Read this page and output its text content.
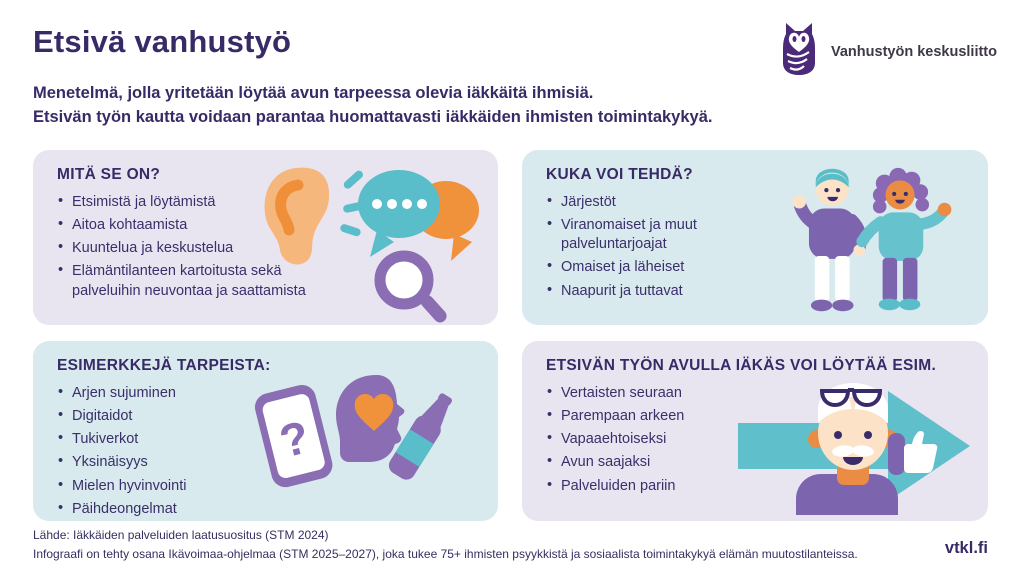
Etsivä vanhustyö
Menetelmä, jolla yritetään löytää avun tarpeessa olevia iäkkäitä ihmisiä.
Etsivän työn kautta voidaan parantaa huomattavasti iäkkäiden ihmisten toimintakykyä.
Vanhustyön keskusliitto
MITÄ SE ON?
• Etsimistä ja löytämistä
• Aitoa kohtaamista
• Kuuntelua ja keskustelua
• Elämäntilanteen kartoitusta sekä palveluihin neuvontaa ja saattamista
KUKA VOI TEHDÄ?
• Järjestöt
• Viranomaiset ja muut palveluntarjoajat
• Omaiset ja läheiset
• Naapurit ja tuttavat
ESIMERKKEJÄ TARPEISTA:
• Arjen sujuminen
• Digitaidot
• Tukiverkot
• Yksinäisyys
• Mielen hyvinvointi
• Päihdeongelmat
?
ETSIVÄN TYÖN AVULLA IÄKÄS VOI LÖYTÄÄ ESIM.
• Vertaisten seuraan
• Parempaan arkeen
• Vapaaehtoiseksi
• Avun saajaksi
• Palveluiden pariin
Lähde: Iäkkäiden palveluiden laatusuositus (STM 2024)
Infograafi on tehty osana Ikävoimaa-ohjelmaa (STM 2025–2027), joka tukee 75+ ihmisten psyykkistä ja sosiaalista toimintakykyä elämän muutostilanteissa.	vtkl.fi
